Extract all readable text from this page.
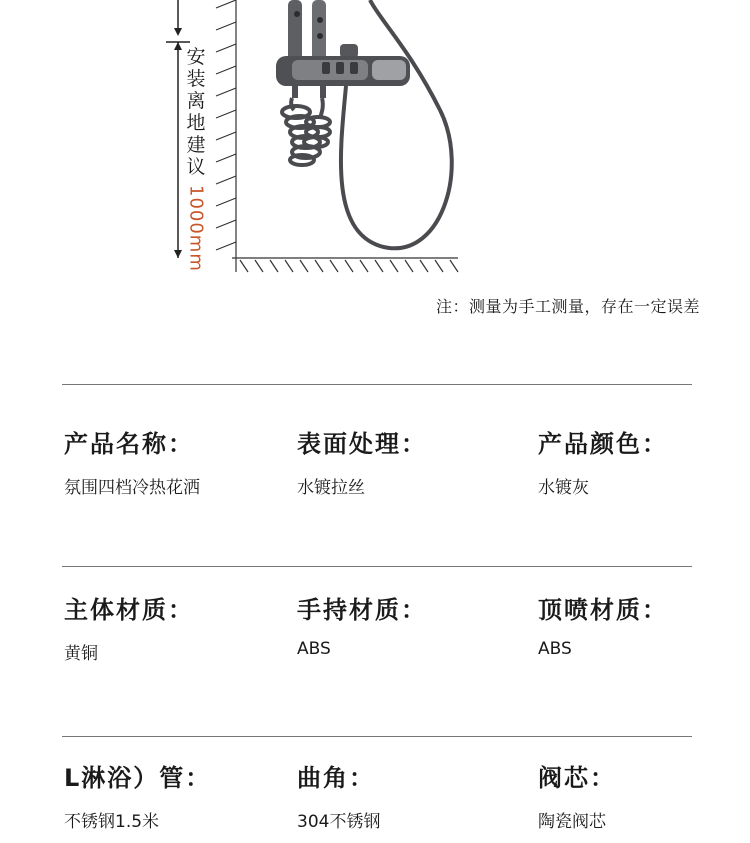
安
装
离
地
建
议
1000mm
注：测量为手工测量，存在一定误差
产品名称：
氛围四档冷热花洒
表面处理：
水镀拉丝
产品颜色：
水镀灰
主体材质：
黄铜
手持材质：
ABS
顶喷材质：
ABS
L淋浴）管：
不锈钢1.5米
曲角：
304不锈钢
阀芯：
陶瓷阀芯
